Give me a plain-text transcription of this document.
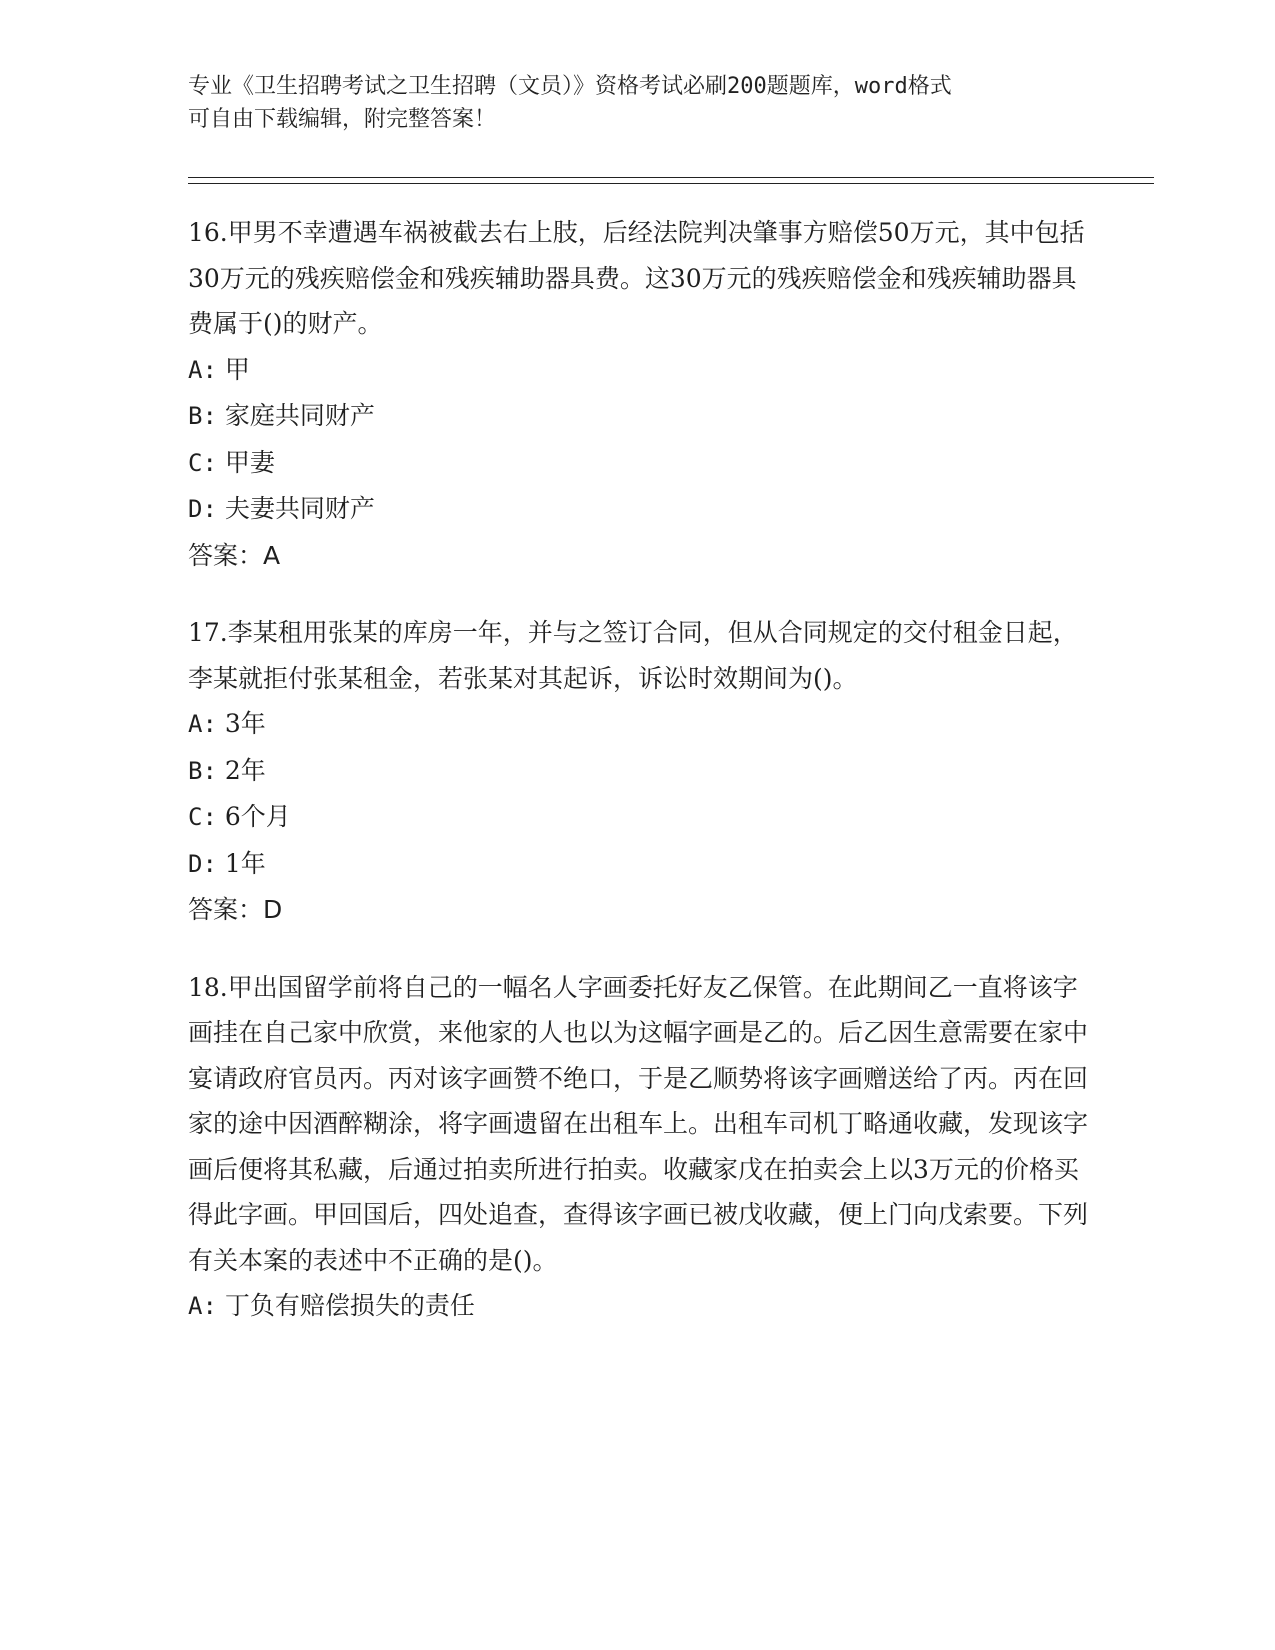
专业《卫生招聘考试之卫生招聘（文员）》资格考试必刷200题题库，word格式
可自由下载编辑，附完整答案！

16.甲男不幸遭遇车祸被截去右上肢，后经法院判决肇事方赔偿50万元，其中包括30万元的残疾赔偿金和残疾辅助器具费。这30万元的残疾赔偿金和残疾辅助器具费属于()的财产。

A: 甲

B: 家庭共同财产

C: 甲妻

D: 夫妻共同财产

答案：A

17.李某租用张某的库房一年，并与之签订合同，但从合同规定的交付租金日起，李某就拒付张某租金，若张某对其起诉，诉讼时效期间为()。

A: 3年

B: 2年

C: 6个月

D: 1年

答案：D

18.甲出国留学前将自己的一幅名人字画委托好友乙保管。在此期间乙一直将该字画挂在自己家中欣赏，来他家的人也以为这幅字画是乙的。后乙因生意需要在家中宴请政府官员丙。丙对该字画赞不绝口，于是乙顺势将该字画赠送给了丙。丙在回家的途中因酒醉糊涂，将字画遗留在出租车上。出租车司机丁略通收藏，发现该字画后便将其私藏，后通过拍卖所进行拍卖。收藏家戊在拍卖会上以3万元的价格买得此字画。甲回国后，四处追查，查得该字画已被戊收藏，便上门向戊索要。下列有关本案的表述中不正确的是()。

A: 丁负有赔偿损失的责任
